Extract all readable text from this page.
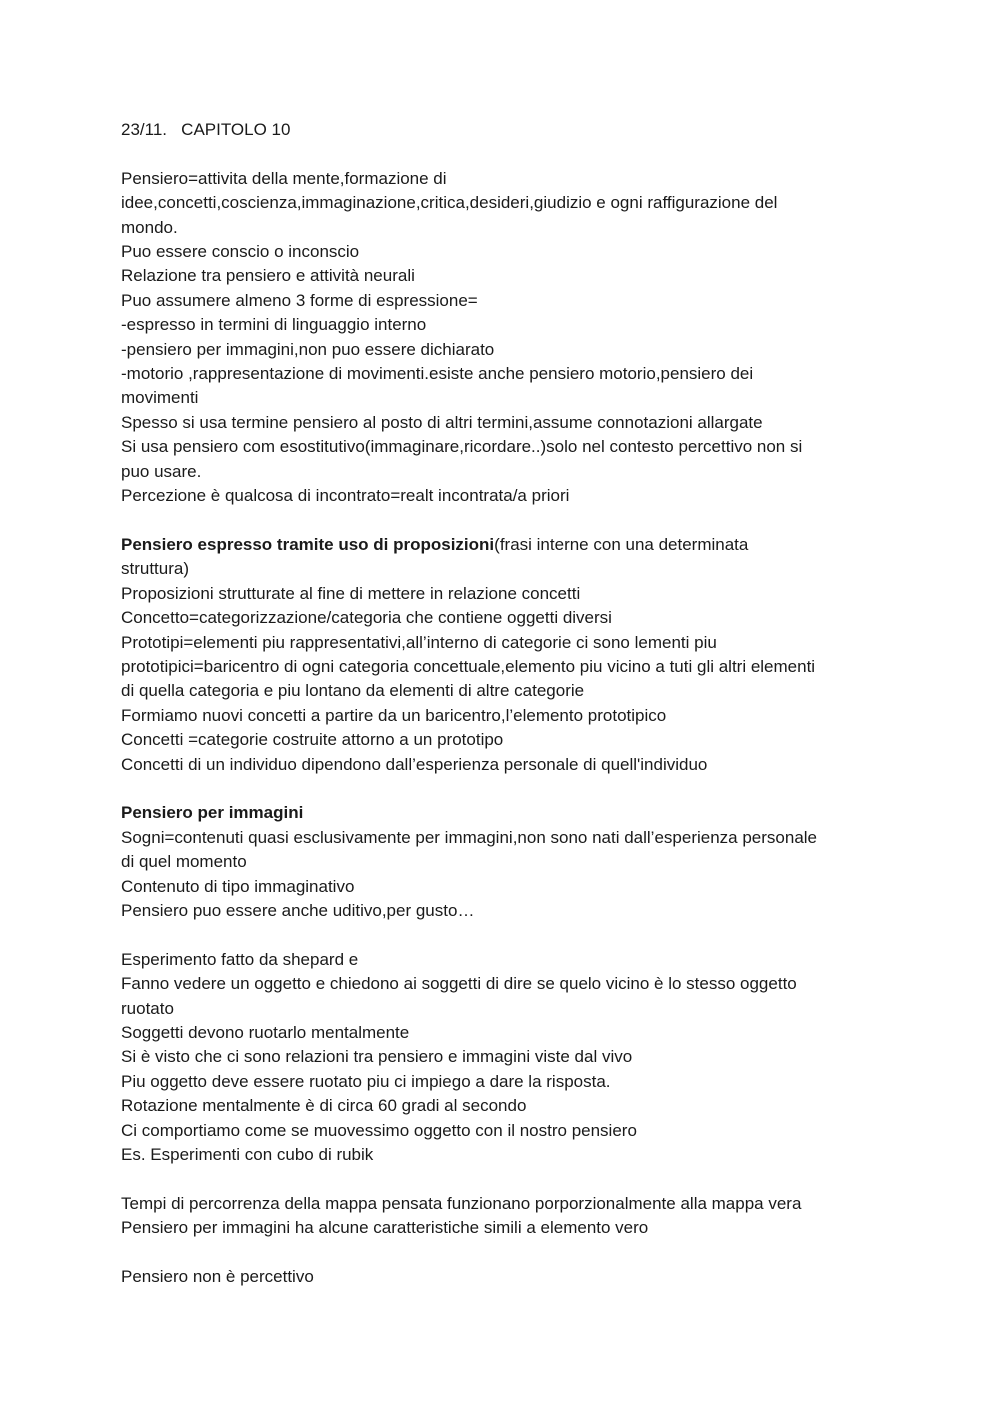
23/11.   CAPITOLO 10
Pensiero=attivita della mente,formazione di
idee,concetti,coscienza,immaginazione,critica,desideri,giudizio e ogni raffigurazione del
mondo.
Puo essere conscio o inconscio
Relazione tra pensiero e attività neurali
Puo assumere almeno 3 forme di espressione=
-espresso in termini di linguaggio interno
-pensiero per immagini,non puo essere dichiarato
-motorio ,rappresentazione di movimenti.esiste anche pensiero motorio,pensiero dei
movimenti
Spesso si usa termine pensiero al posto di altri termini,assume connotazioni allargate
Si usa pensiero com esostitutivo(immaginare,ricordare..)solo nel contesto percettivo non si
puo usare.
Percezione è qualcosa di incontrato=realt incontrata/a priori
Pensiero espresso tramite uso di proposizioni(frasi interne con una determinata
struttura)
Proposizioni strutturate al fine di mettere in relazione concetti
Concetto=categorizzazione/categoria che contiene oggetti diversi
Prototipi=elementi piu rappresentativi,all’interno di categorie ci sono lementi piu
prototipici=baricentro di ogni categoria concettuale,elemento piu vicino a tuti gli altri elementi
di quella categoria e piu lontano da elementi di altre categorie
Formiamo nuovi concetti a partire da un baricentro,l’elemento prototipico
Concetti =categorie costruite attorno a un prototipo
Concetti di un individuo dipendono dall’esperienza personale di quell'individuo
Pensiero per immagini
Sogni=contenuti quasi esclusivamente per immagini,non sono nati dall’esperienza personale
di quel momento
Contenuto di tipo immaginativo
Pensiero puo essere anche uditivo,per gusto…
Esperimento fatto da shepard e
Fanno vedere un oggetto e chiedono ai soggetti di dire se quelo vicino è lo stesso oggetto
ruotato
Soggetti devono ruotarlo mentalmente
Si è visto che ci sono relazioni tra pensiero e immagini viste dal vivo
Piu oggetto deve essere ruotato piu ci impiego a dare la risposta.
Rotazione mentalmente è di circa 60 gradi al secondo
Ci comportiamo come se muovessimo oggetto con il nostro pensiero
Es. Esperimenti con cubo di rubik
Tempi di percorrenza della mappa pensata funzionano porporzionalmente alla mappa vera
Pensiero per immagini ha alcune caratteristiche simili a elemento vero
Pensiero non è percettivo
